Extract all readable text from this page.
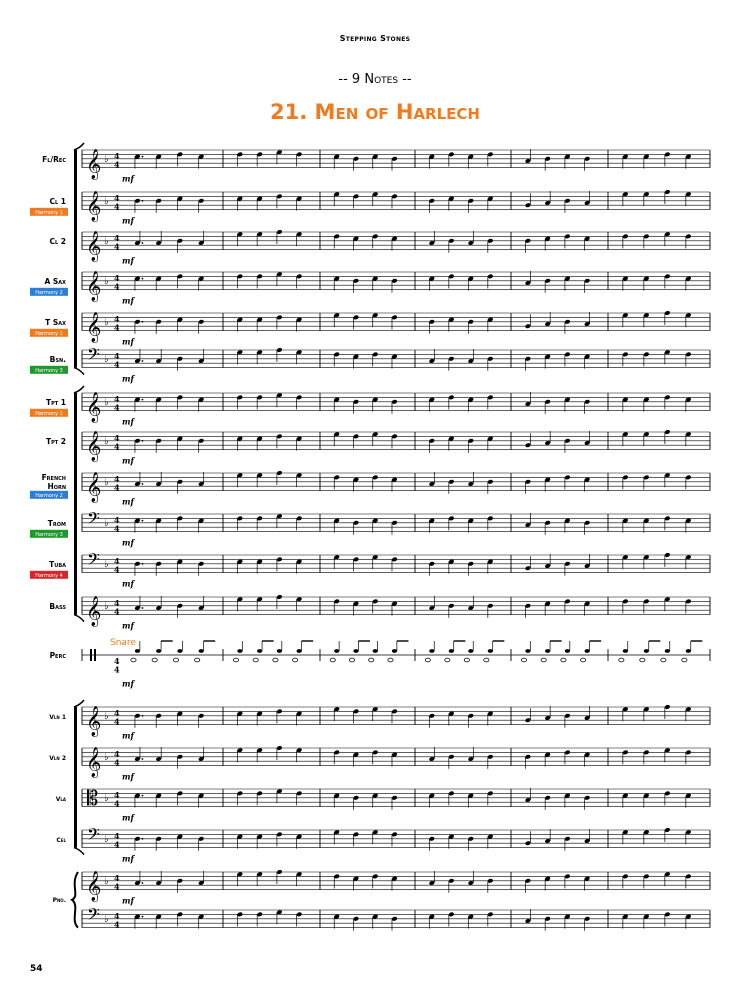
Stepping Stones
-- 9 Notes --
21. Men of Harlech
𝄞 ♭ 4
4
mf
Fl/Rec
𝄞 ♭ 4
4
mf
Cl 1
Harmony 1
𝄞 ♭ 4
4
mf
Cl 2
𝄞 ♭ 4
4
mf
A Sax
Harmony 2
𝄞 ♭ 4
4
mf
T Sax
Harmony 1
𝄢 ♭ 4
4
mf
Bsn.
Harmony 3
𝄞 ♭ 4
4
mf
Tpt 1
Harmony 1
𝄞 ♭ 4
4
mf
Tpt 2
𝄞 ♭ 4
4
mf
French
Horn
Harmony 2
𝄢 ♭ 4
4
mf
Trom
Harmony 3
𝄢 ♭ 4
4
mf
Tuba
Harmony 4
𝄞 ♭ 4
4
mf
Bass
4
4
mf
Perc
𝄞 ♭ 4
4
mf
Vln 1
𝄞 ♭ 4
4
mf
Vln 2
𝄡 ♭ 4
4
mf
Vla
𝄢 ♭ 4
4
mf
Cel
𝄞 ♭ 4
4
mf
Pno.
𝄢 ♭ 4
4
Snare
54
